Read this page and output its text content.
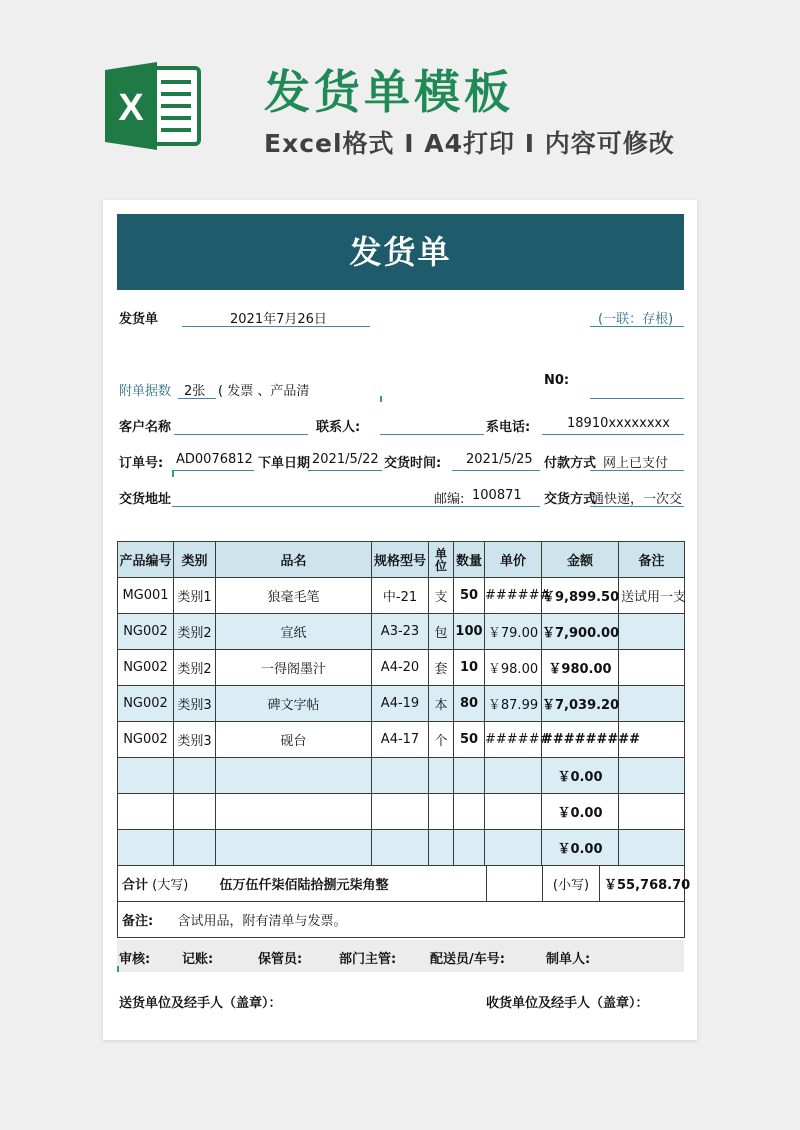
X	发货单模板
Excel格式 I A4打印 I 内容可修改
发货单
发货单	2021年7月26日	(一联：存根)
附单据数 2张 ( 发票 、产品清
N0:
客户名称	联系人:	系电话:	18910xxxxxxxx
订单号: AD0076812 下单日期 2021/5/22 交货时间: 2021/5/25 付款方式 网上已支付
交货地址	邮编: 100871 交货方式
通快递，一次交
产品编号	类别	品名	规格型号	单位	数量	单价	金额	备注
MG001	类别1	狼毫毛笔	中-21	支	50	######	￥9,899.50	送试用一支
NG002	类别2	宣纸	A3-23	包	100	￥79.00	￥7,900.00	
NG002	类别2	一得阁墨汁	A4-20	套	10	￥98.00	￥980.00	
NG002	类别3	碑文字帖	A4-19	本	80	￥87.99	￥7,039.20	
NG002	类别3	砚台	A4-17	个	50	######	#########	
							￥0.00	
							￥0.00	
							￥0.00	
合计 (大写)	伍万伍仟柒佰陆拾捌元柒角整		(小写)	￥55,768.70
备注:	含试用品，附有清单与发票。			
审核: 记账:	保管员:	部门主管:	配送员/车号:	制单人:
送货单位及经手人（盖章）：	收货单位及经手人（盖章）：
